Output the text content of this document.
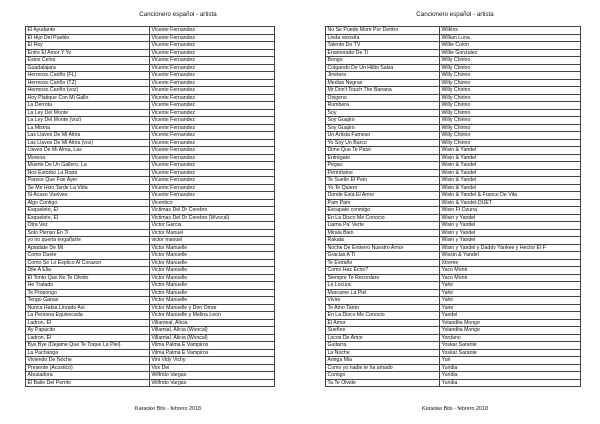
Cancionero español - artista	Cancionero español - artista
El Ayudante	Vicente Fernandez
El Hijo Del Pueblo	Vicente Fernandez
El Rey	Vicente Fernandez
Entre El Amor Y Yo	Vicente Fernandez
Estos Celos	Vicente Fernandez
Guadalajara	Vicente Fernandez
Hermoso Cariño (FL)	Vicente Fernandez
Hermoso Cariño (TZ)	Vicente Fernandez
Hermoso Cariño (voz)	Vicente Fernandez
Hoy Platique Con Mi Gallo	Vicente Fernandez
La Derrota	Vicente Fernandez
La Ley Del Monte	Vicente Fernandez
La Ley Del Monte (voz)	Vicente Fernandez
La Misma	Vicente Fernandez
Las Llaves De Mi Alma	Vicente Fernandez
Las Llaves De Mi Alma (voz)	Vicente Fernandez
Llaves De Mi Alma, Las	Vicente Fernandez
Morena	Vicente Fernandez
Muerte De Un Gallero, La	Vicente Fernandez
Nos Estorbo La Ropa	Vicente Fernandez
Parece Que Fue Ayer	Vicente Fernandez
Se Me Hizo Tarde La Vida	Vicente Fernandez
Si Acaso Vuelves	Vicente Fernandez
Algo Contigo	Vicentico
Esqueleto, El	Victimas Del Dr Cerebro
Esqueleto, El	Victimas Del Dr Cerebro (Wvocal)
Otra Vez	Victor Garcia
Solo Pienso En Ti	Victor Manuel
yo no queria engañarte	victor manuel
Apiadate De Mi	Victor Manuelle
Como Duele	Victor Manuelle
Como Se Lo Explico Al Corazon	Victor Manuelle
Dile A Ella	Victor Manuelle
El Tonto Que No Te Olvido	Victor Manuelle
He Tratado	Victor Manuelle
Te Propongo	Victor Manuelle
Tengo Ganas	Victor Manuelle
Nunca Habia Llorado Asi	Victor Manuelle y Don Omar
La Persona Equivocada	Victor Manuelle y Melina Leon
Ladron, El	Villameal, Alicia
Ay Papacito	Villamial, Alicia (Wvocal)
Ladron, El	Villamial, Alicia (Wvocal)
Bye Bye (Dejame Que Te Toque La Piel)	Vilma Palma E Vampiros
La Pachanga	Vilma Palma E Vampiros
Viviendo De Noche	Vini Vidy Vichy
Presente (Acustico)	Vox Dei
Abusadora	Wilfrido Vargas
El Baile Del Perrito	Wilfrido Vargas
No Se Puede Morir Por Dentro	Wilkins
Linda vesrsita	Willian Luna
Talento De TV	Willie Colon
Enamorado De Ti	Willie Gonzalez
Bongo	Willy Chirino
Colgando De Un Hilito Salsa	Willy Chirino
Jinetera	Willy Chirino
Medias Negras	Willy Chirino
Mr Don't Touch The Banana	Willy Chirino
Oxigeno	Willy Chirino
Rumbera	Willy Chirino
Soy	Willy Chirino
Soy Guajiro	Willy Chirino
Soy Guajiro	Willy Chirino
Un Artista Famoso	Willy Chirino
Yo Soy Un Barco	Willy Chirino
Dime Que Te Pasó	Wisin & Yandel
Entrégate	Wisin & Yandel
Pegao	Wisin & Yandel
Permítame	Wisin & Yandel
Te Suelto El Pelo	Wisin & Yandel
Yo Te Quiero	Wisin & Yandel
Donde Está El Amor	Wisin & Yandel & Franco De Vita
Pam Pam	Wisin & Yandel-DUET
Escapate conmigo	Wisin Ft Ozuna
En La Disco Me Conocio	Wisin y Yandel
Llama Pa' Verte	Wisin y Yandel
Mirala Bien	Wisin y Yandel
Rakata	Wisin y Yandel
Noche De Entierro Nuestro Amor	Wisin y Yandel y Daddy Yankee y Hector El F
Gracias A Ti	Wissin & Yandel
Te Extraño	Xtreme
Como Has Echo?	Yaco Monti
Siempre Te Recordare	Yaco Monti
La Locura	Yahir
Marcame La Piel	Yahir
Vivire	Yahir
Te Amo Tanto	Yaire
En La Disco Me Conocio	Yandel
El Amor	Yolandita Monge
Sueños	Yolandita Monge
Locos De Amor	Yordano
Guitarra	Yoskar Sarante
La Noche	Yoskar Sarante
Amiga Mia	Yuri
Como yo nadie te ha amado	Yuridia
Contigo	Yuridia
Ta Te Olvide	Yuridia
Karaoke Bits - febrero 2018	Karaoke Bits - febrero 2018
